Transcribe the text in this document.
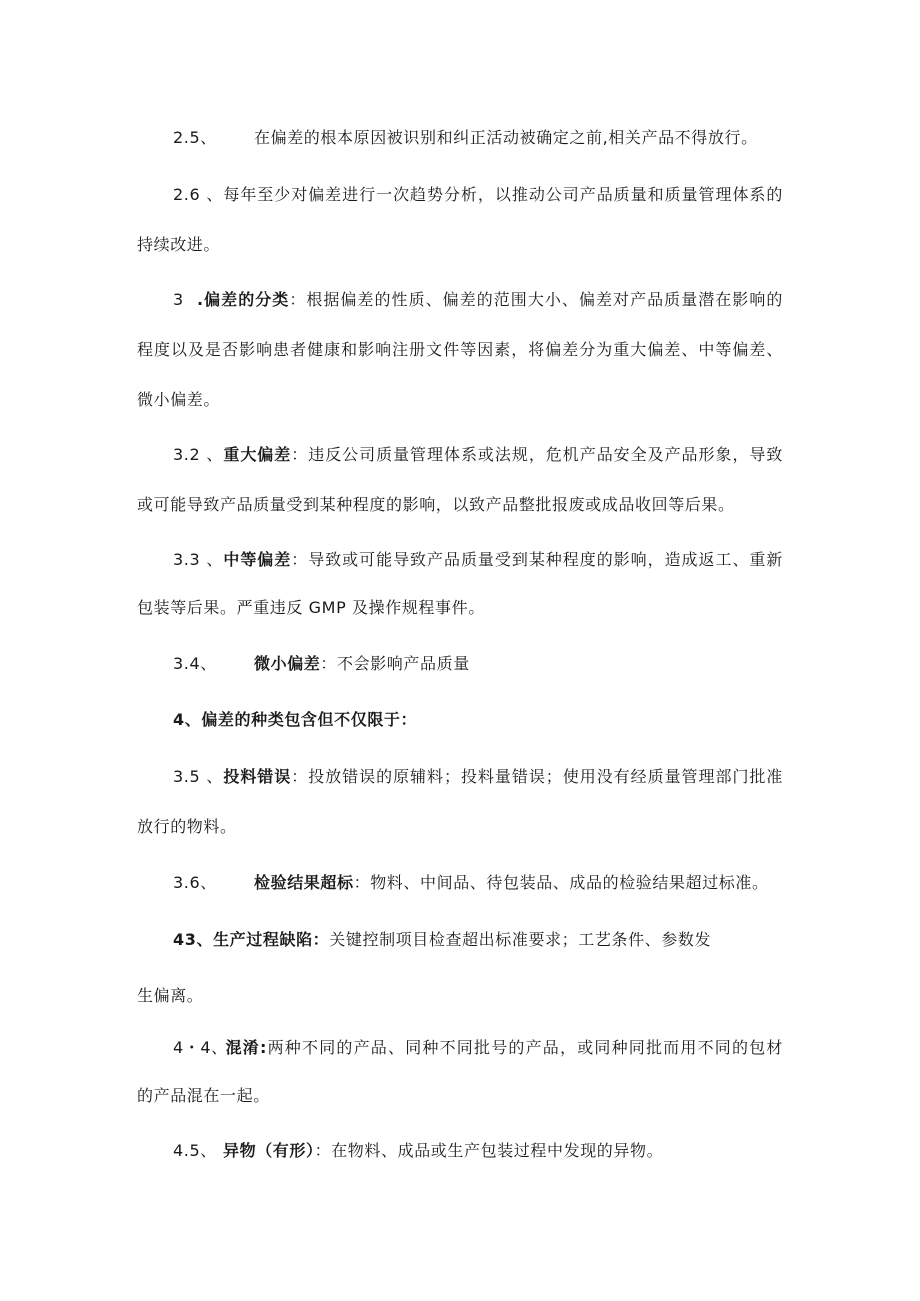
2.5、 在偏差的根本原因被识别和纠正活动被确定之前,相关产品不得放行。
2.6、每年至少对偏差进行一次趋势分析，以推动公司产品质量和质量管理体系的
持续改进。
3 .偏差的分类：根据偏差的性质、偏差的范围大小、偏差对产品质量潜在影响的
程度以及是否影响患者健康和影响注册文件等因素，将偏差分为重大偏差、中等偏差、
微小偏差。
3.2、重大偏差：违反公司质量管理体系或法规，危机产品安全及产品形象，导致
或可能导致产品质量受到某种程度的影响，以致产品整批报废或成品收回等后果。
3.3、中等偏差：导致或可能导致产品质量受到某种程度的影响，造成返工、重新
包装等后果。严重违反 GMP 及操作规程事件。
3.4、 微小偏差：不会影响产品质量
4、偏差的种类包含但不仅限于：
3.5、投料错误：投放错误的原辅料；投料量错误；使用没有经质量管理部门批准
放行的物料。
3.6、 检验结果超标：物料、中间品、待包装品、成品的检验结果超过标准。
43、生产过程缺陷：关键控制项目检查超出标准要求；工艺条件、参数发
生偏离。
4・4、混淆:两种不同的产品、同种不同批号的产品，或同种同批而用不同的包材
的产品混在一起。
4.5、 异物（有形）：在物料、成品或生产包装过程中发现的异物。
